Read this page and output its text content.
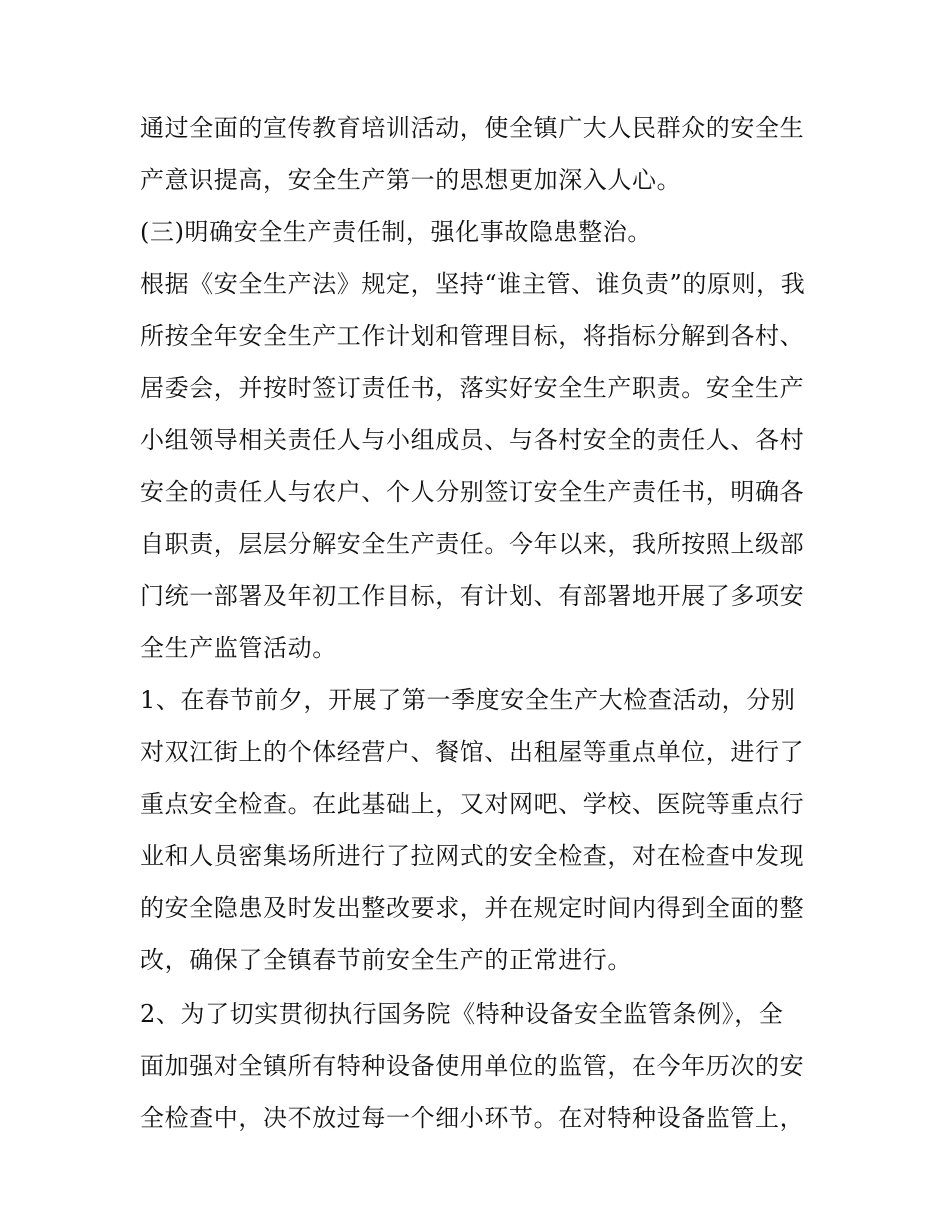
通过全面的宣传教育培训活动，使全镇广大人民群众的安全生
产意识提高，安全生产第一的思想更加深入人心。
(三)明确安全生产责任制，强化事故隐患整治。
根据《安全生产法》规定，坚持“谁主管、谁负责”的原则，我
所按全年安全生产工作计划和管理目标，将指标分解到各村、
居委会，并按时签订责任书，落实好安全生产职责。安全生产
小组领导相关责任人与小组成员、与各村安全的责任人、各村
安全的责任人与农户、个人分别签订安全生产责任书，明确各
自职责，层层分解安全生产责任。今年以来，我所按照上级部
门统一部署及年初工作目标，有计划、有部署地开展了多项安
全生产监管活动。
1、在春节前夕，开展了第一季度安全生产大检查活动，分别
对双江街上的个体经营户、餐馆、出租屋等重点单位，进行了
重点安全检查。在此基础上，又对网吧、学校、医院等重点行
业和人员密集场所进行了拉网式的安全检查，对在检查中发现
的安全隐患及时发出整改要求，并在规定时间内得到全面的整
改，确保了全镇春节前安全生产的正常进行。
2、为了切实贯彻执行国务院《特种设备安全监管条例》，全
面加强对全镇所有特种设备使用单位的监管，在今年历次的安
全检查中，决不放过每一个细小环节。在对特种设备监管上，
